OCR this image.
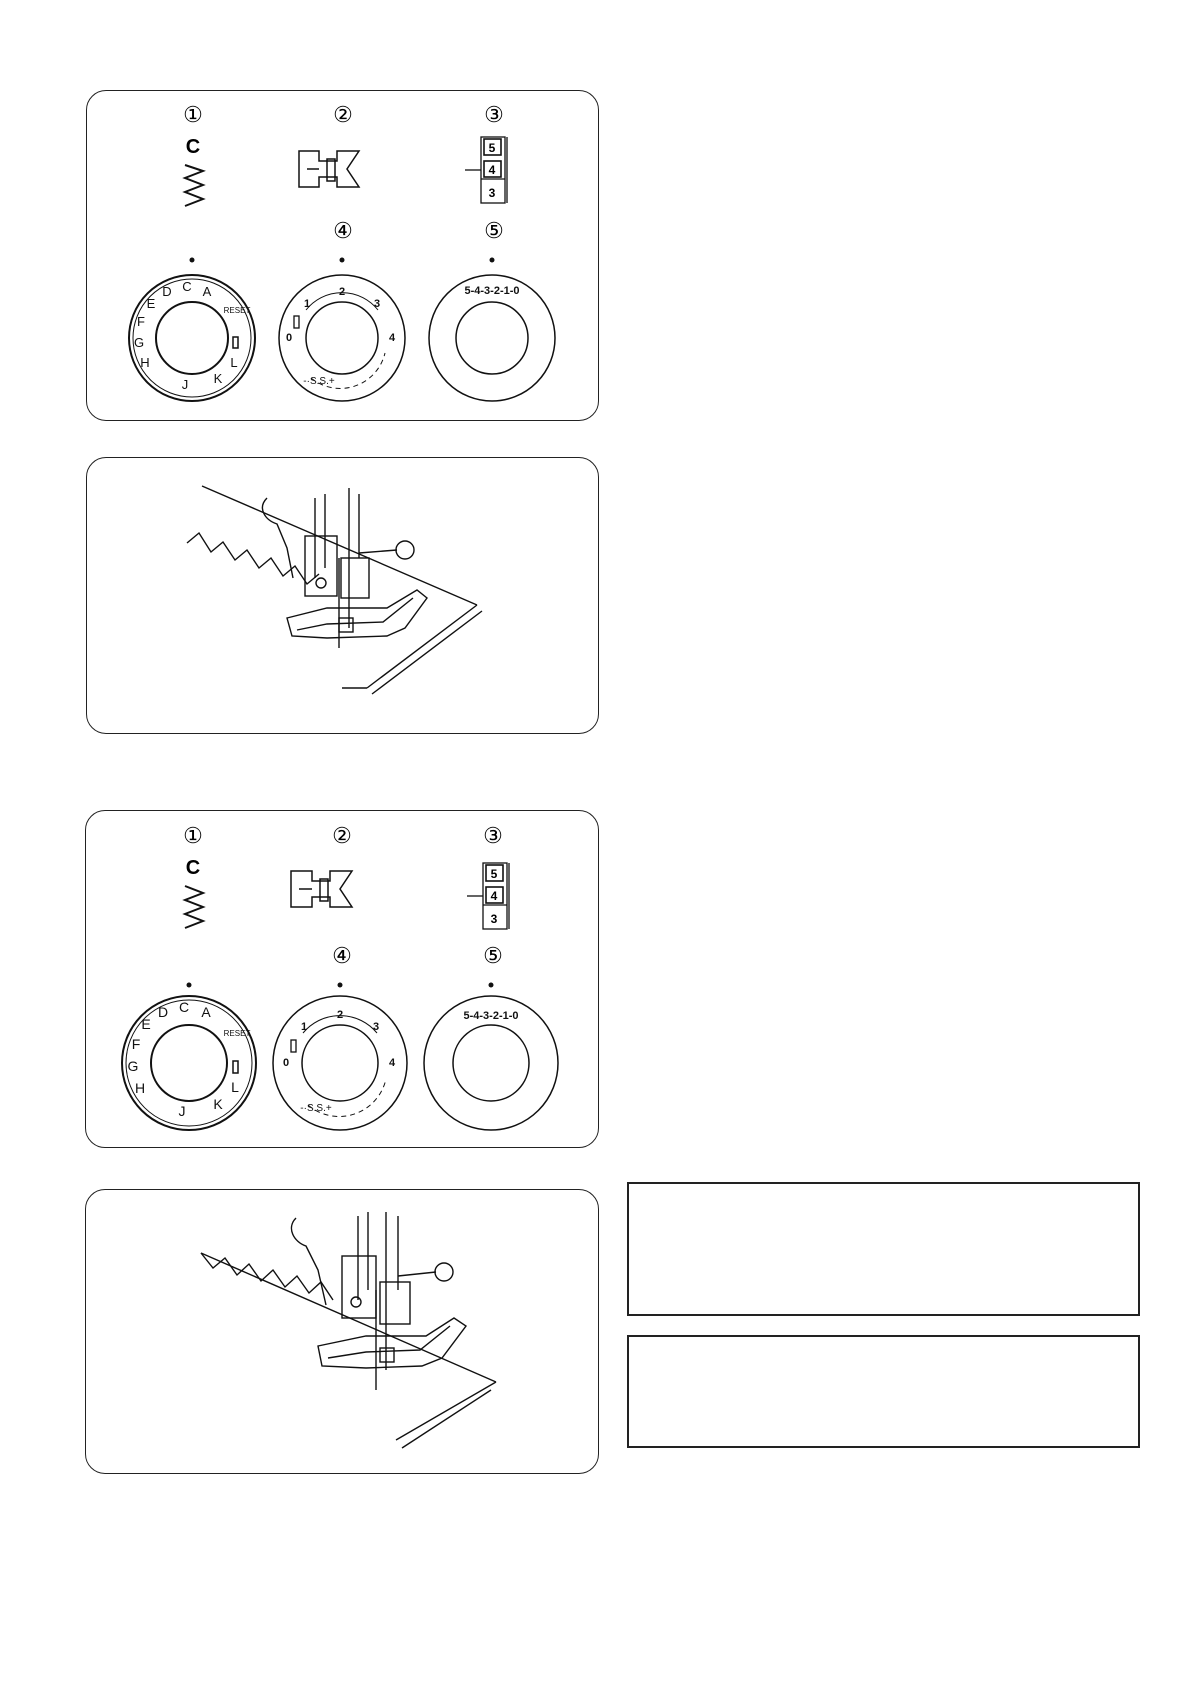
①	②	③
④	⑤
C	5
4
3
A
C
D
E
F
G
H
J K
L
RESET
0
1
2
3
4
-·S.S.+
5-4-3-2-1-0
①	②	③
④	⑤
C	5
4
3
A
C
D
E
F
G
H
J K
L
RESET
0
1
2
3
4
-·S.S.+
5-4-3-2-1-0
